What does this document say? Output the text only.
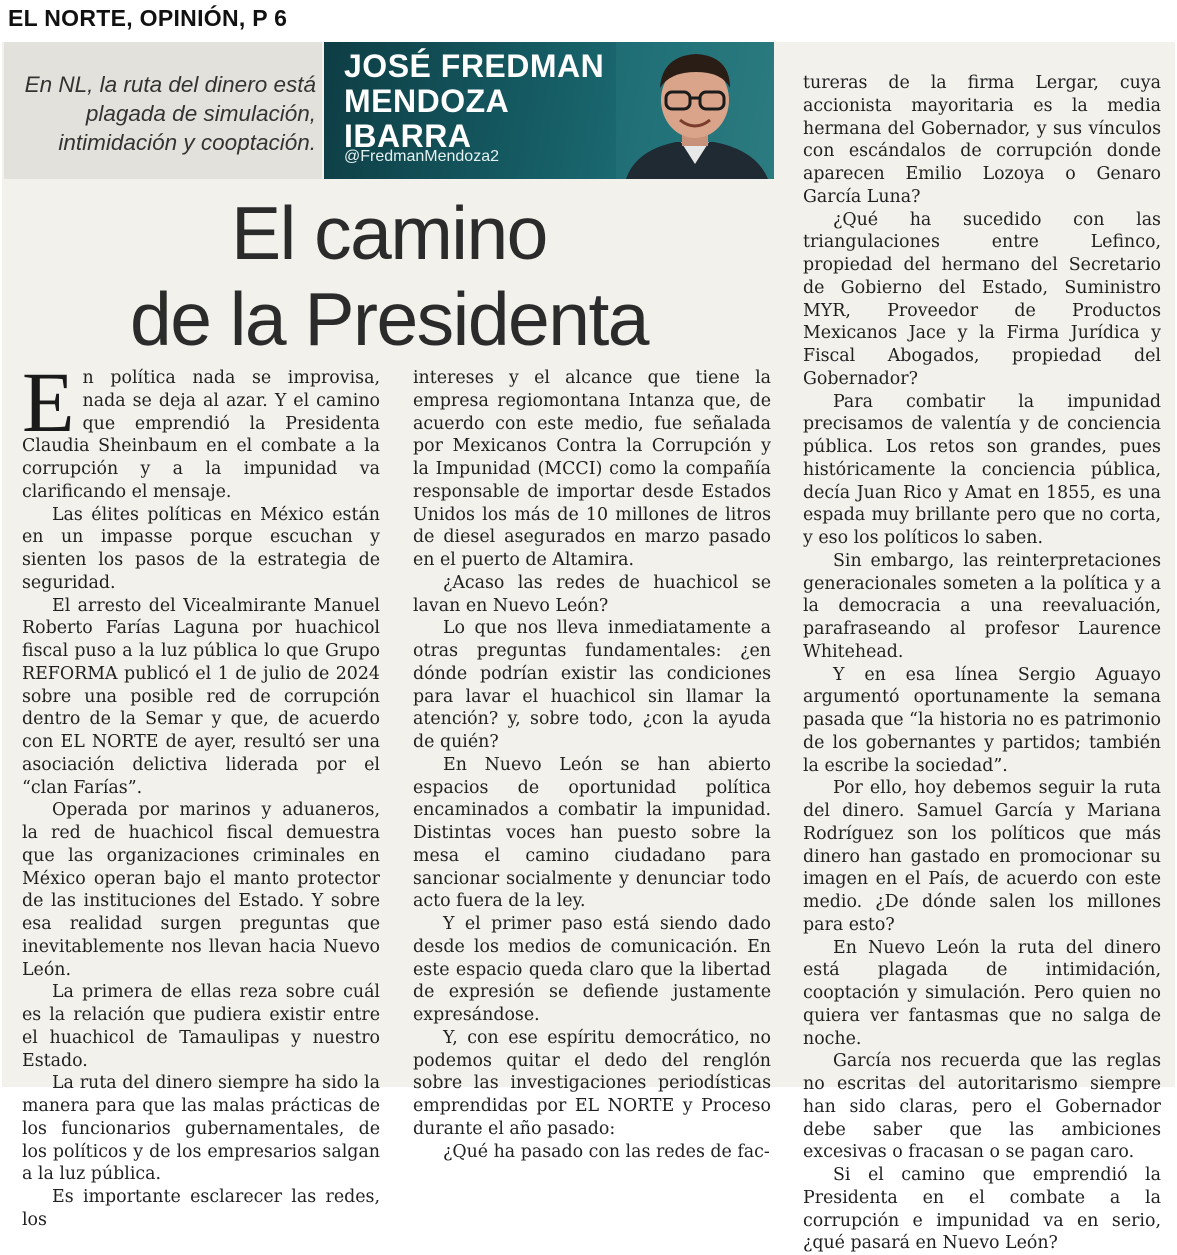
EL NORTE, OPINIÓN, P 6

En NL, la ruta del dinero está plagada de simulación, intimidación y cooptación.

JOSÉ FREDMAN
MENDOZA
IBARRA
@FredmanMendoza2
El camino
de la Presidenta

En política nada se improvisa, nada se deja al azar. Y el camino que emprendió la Presidenta Claudia Sheinbaum en el combate a la corrupción y a la impunidad va clarificando el mensaje.

Las élites políticas en México están en un impasse porque escuchan y sienten los pasos de la estrategia de seguridad.

El arresto del Vicealmirante Manuel Roberto Farías Laguna por huachicol fiscal puso a la luz pública lo que Grupo REFORMA publicó el 1 de julio de 2024 sobre una posible red de corrupción dentro de la Semar y que, de acuerdo con EL NORTE de ayer, resultó ser una asociación delictiva liderada por el “clan Farías”.

Operada por marinos y aduaneros, la red de huachicol fiscal demuestra que las organizaciones criminales en México operan bajo el manto protector de las instituciones del Estado. Y sobre esa realidad surgen preguntas que inevitablemente nos llevan hacia Nuevo León.

La primera de ellas reza sobre cuál es la relación que pudiera existir entre el huachicol de Tamaulipas y nuestro Estado.

La ruta del dinero siempre ha sido la manera para que las malas prácticas de los funcionarios gubernamentales, de los políticos y de los empresarios salgan a la luz pública.

Es importante esclarecer las redes, los

intereses y el alcance que tiene la empresa regiomontana Intanza que, de acuerdo con este medio, fue señalada por Mexicanos Contra la Corrupción y la Impunidad (MCCI) como la compañía responsable de importar desde Estados Unidos los más de 10 millones de litros de diesel asegurados en marzo pasado en el puerto de Altamira.

¿Acaso las redes de huachicol se lavan en Nuevo León?

Lo que nos lleva inmediatamente a otras preguntas fundamentales: ¿en dónde podrían existir las condiciones para lavar el huachicol sin llamar la atención? y, sobre todo, ¿con la ayuda de quién?

En Nuevo León se han abierto espacios de oportunidad política encaminados a combatir la impunidad. Distintas voces han puesto sobre la mesa el camino ciudadano para sancionar socialmente y denunciar todo acto fuera de la ley.

Y el primer paso está siendo dado desde los medios de comunicación. En este espacio queda claro que la libertad de expresión se defiende justamente expresándose.

Y, con ese espíritu democrático, no podemos quitar el dedo del renglón sobre las investigaciones periodísticas emprendidas por EL NORTE y Proceso durante el año pasado:

¿Qué ha pasado con las redes de fac-

tureras de la firma Lergar, cuya accionista mayoritaria es la media hermana del Gobernador, y sus vínculos con escándalos de corrupción donde aparecen Emilio Lozoya o Genaro García Luna?

¿Qué ha sucedido con las triangulaciones entre Lefinco, propiedad del hermano del Secretario de Gobierno del Estado, Suministro MYR, Proveedor de Productos Mexicanos Jace y la Firma Jurídica y Fiscal Abogados, propiedad del Gobernador?

Para combatir la impunidad precisamos de valentía y de conciencia pública. Los retos son grandes, pues históricamente la conciencia pública, decía Juan Rico y Amat en 1855, es una espada muy brillante pero que no corta, y eso los políticos lo saben.

Sin embargo, las reinterpretaciones generacionales someten a la política y a la democracia a una reevaluación, parafraseando al profesor Laurence Whitehead.

Y en esa línea Sergio Aguayo argumentó oportunamente la semana pasada que “la historia no es patrimonio de los gobernantes y partidos; también la escribe la sociedad”.

Por ello, hoy debemos seguir la ruta del dinero. Samuel García y Mariana Rodríguez son los políticos que más dinero han gastado en promocionar su imagen en el País, de acuerdo con este medio. ¿De dónde salen los millones para esto?

En Nuevo León la ruta del dinero está plagada de intimidación, cooptación y simulación. Pero quien no quiera ver fantasmas que no salga de noche.

García nos recuerda que las reglas no escritas del autoritarismo siempre han sido claras, pero el Gobernador debe saber que las ambiciones excesivas o fracasan o se pagan caro.

Si el camino que emprendió la Presidenta en el combate a la corrupción e impunidad va en serio, ¿qué pasará en Nuevo León?
